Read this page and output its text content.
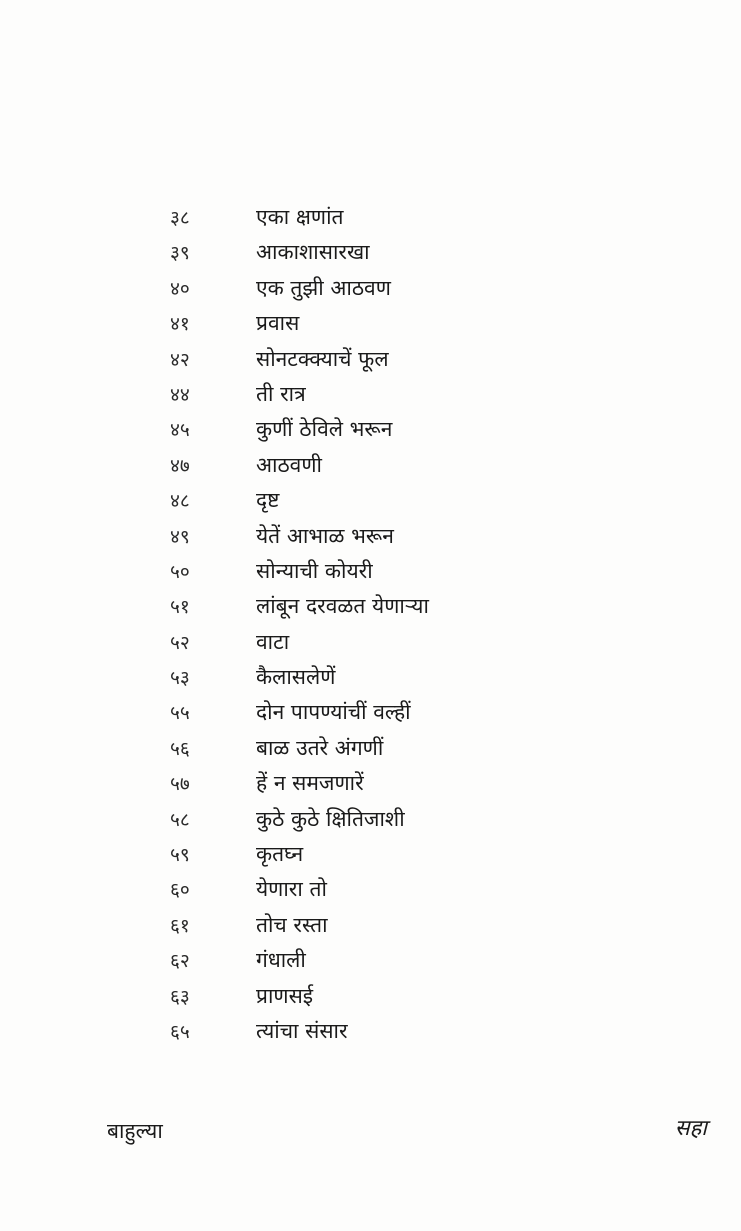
३८	एका क्षणांत
३९	आकाशासारखा
४०	एक तुझी आठवण
४१	प्रवास
४२	सोनटक्क्याचें फूल
४४	ती रात्र
४५	कुणीं ठेविले भरून
४७	आठवणी
४८	दृष्ट
४९	येतें आभाळ भरून
५०	सोन्याची कोयरी
५१	लांबून दरवळत येणाऱ्या
५२	वाटा
५३	कैलासलेणें
५५	दोन पापण्यांचीं वल्हीं
५६	बाळ उतरे अंगणीं
५७	हें न समजणारें
५८	कुठे कुठे क्षितिजाशी
५९	कृतघ्न
६०	येणारा तो
६१	तोच रस्ता
६२	गंधाली
६३	प्राणसई
६५	त्यांचा संसार
बाहुल्या	सहा
